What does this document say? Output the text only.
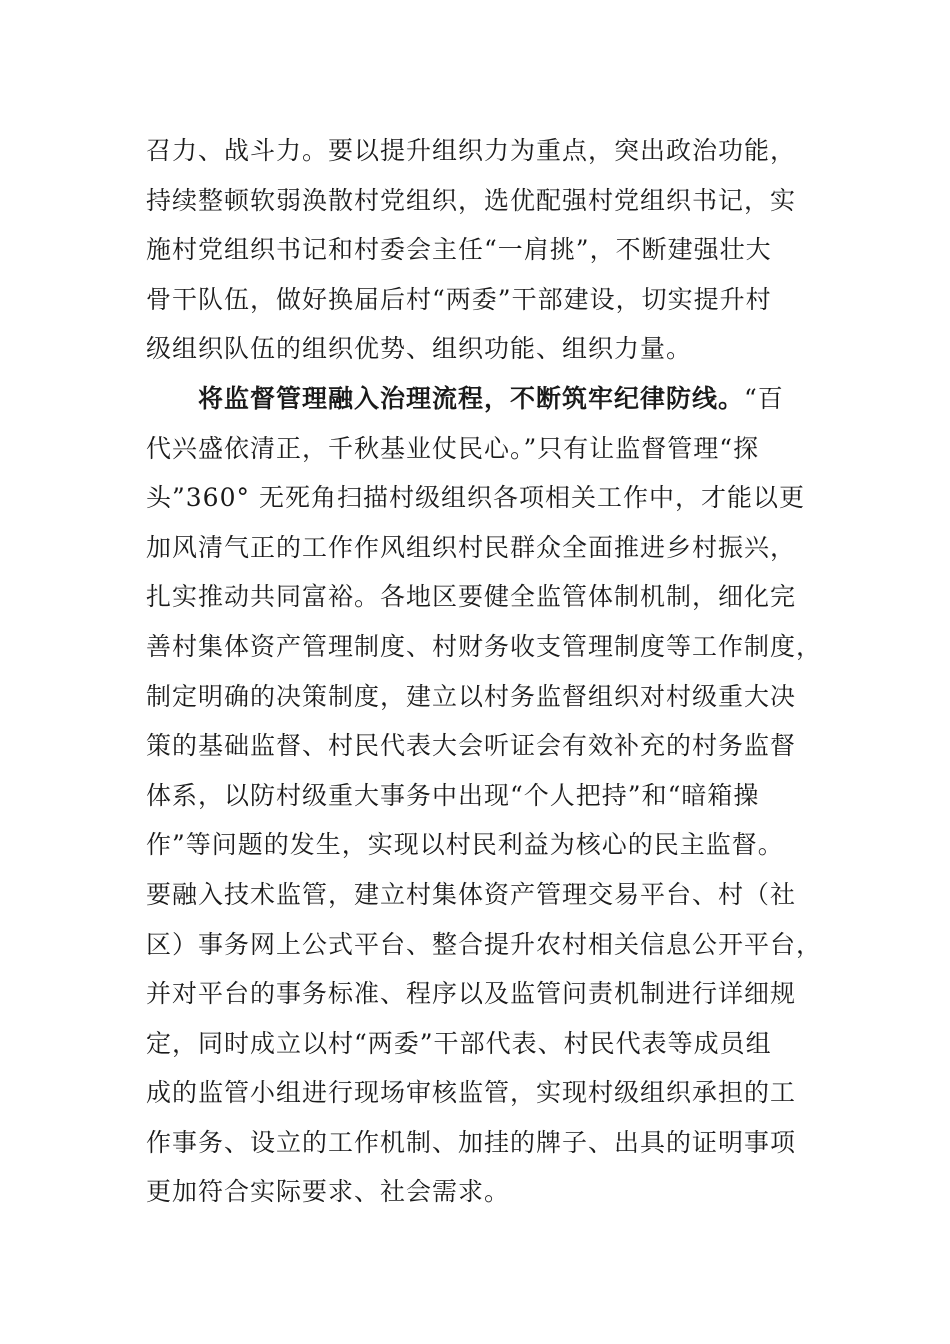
召力、战斗力。要以提升组织力为重点，突出政治功能，
持续整顿软弱涣散村党组织，选优配强村党组织书记，实
施村党组织书记和村委会主任“一肩挑”，不断建强壮大
骨干队伍，做好换届后村“两委”干部建设，切实提升村
级组织队伍的组织优势、组织功能、组织力量。
将监督管理融入治理流程，不断筑牢纪律防线。“百
代兴盛依清正，千秋基业仗民心。”只有让监督管理“探
头”360° 无死角扫描村级组织各项相关工作中，才能以更
加风清气正的工作作风组织村民群众全面推进乡村振兴，
扎实推动共同富裕。各地区要健全监管体制机制，细化完
善村集体资产管理制度、村财务收支管理制度等工作制度，
制定明确的决策制度，建立以村务监督组织对村级重大决
策的基础监督、村民代表大会听证会有效补充的村务监督
体系，以防村级重大事务中出现“个人把持”和“暗箱操
作”等问题的发生，实现以村民利益为核心的民主监督。
要融入技术监管，建立村集体资产管理交易平台、村（社
区）事务网上公式平台、整合提升农村相关信息公开平台，
并对平台的事务标准、程序以及监管问责机制进行详细规
定，同时成立以村“两委”干部代表、村民代表等成员组
成的监管小组进行现场审核监管，实现村级组织承担的工
作事务、设立的工作机制、加挂的牌子、出具的证明事项
更加符合实际要求、社会需求。
